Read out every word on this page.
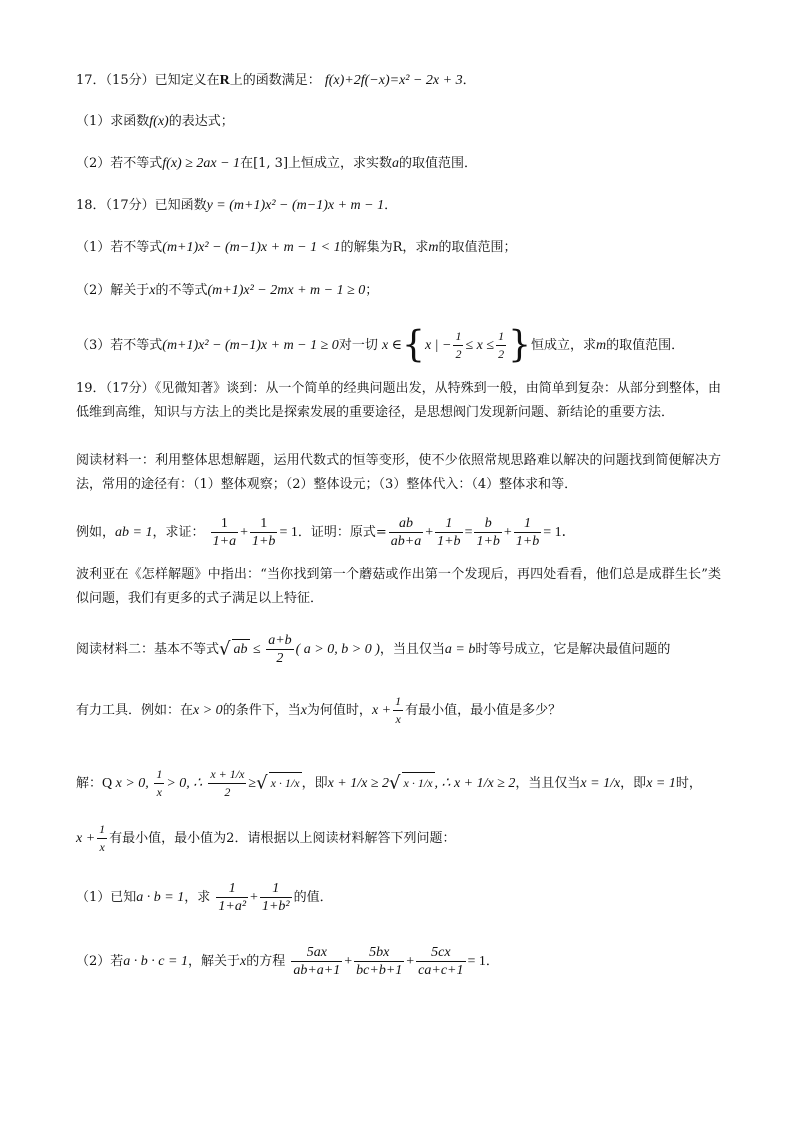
17．（15分）已知定义在R上的函数满足： f(x)+2f(−x)=x² − 2x + 3．
（1）求函数f(x)的表达式；
（2）若不等式f(x) ≥ 2ax − 1在[1, 3]上恒成立，求实数a的取值范围．
18．（17分）已知函数y = (m+1)x² − (m−1)x + m − 1．
（1）若不等式(m+1)x² − (m−1)x + m − 1 < 1的解集为R，求m的取值范围；
（2）解关于x的不等式(m+1)x² − 2mx + m − 1 ≥ 0；
（3）若不等式(m+1)x² − (m−1)x + m − 1 ≥ 0对一切 x ∈{x | − $\frac{1}{2} \le x \le \frac{1}{2}$ }恒成立，求m的取值范围．
19．（17分）《见微知著》谈到：从一个简单的经典问题出发，从特殊到一般，由简单到复杂：从部分到整体，由低维到高维，知识与方法上的类比是探索发展的重要途径，是思想阀门发现新问题、新结论的重要方法．
阅读材料一：利用整体思想解题，运用代数式的恒等变形，使不少依照常规思路难以解决的问题找到简便解决方法，常用的途径有：（1）整体观察；（2）整体设元；（3）整体代入：（4）整体求和等．
例如，ab = 1，求证： $\frac{1}{1+a} + \frac{1}{1+b} = 1$．证明：原式= $\frac{ab}{ab+a} + \frac{1}{1+b} = \frac{b}{1+b} + \frac{1}{1+b} = 1$．
波利亚在《怎样解题》中指出：“当你找到第一个蘑菇或作出第一个发现后，再四处看看，他们总是成群生长”类似问题，我们有更多的式子满足以上特征．
阅读材料二：基本不等式√ ab ≤ $\frac{a+b}{2}$ ( a > 0, b > 0 )，当且仅当a = b时等号成立，它是解决最值问题的
有力工具．例如：在x > 0的条件下，当x为何值时，$x + \frac{1}{x}$ 有最小值，最小值是多少？
解：Q x > 0, $\frac{1}{x} > 0$, ∴ $\frac{x + 1/x}{2}$ ≥√ x · 1/x ，即x + 1/x ≥ 2√ x · 1/x , ∴ x + 1/x ≥ 2，当且仅当x = 1/x，即x = 1时，
$x + \frac{1}{x}$ 有最小值，最小值为2．请根据以上阅读材料解答下列问题：
（1）已知a · b = 1，求 $\frac{1}{\text{1+a²}} + \frac{1}{\text{1+b²}}$ 的值．
（2）若a · b · c = 1，解关于x的方程 $\frac{5ax}{ab+a+1} + \frac{5bx}{bc+b+1} + \frac{5cx}{ca+c+1} = 1$．
